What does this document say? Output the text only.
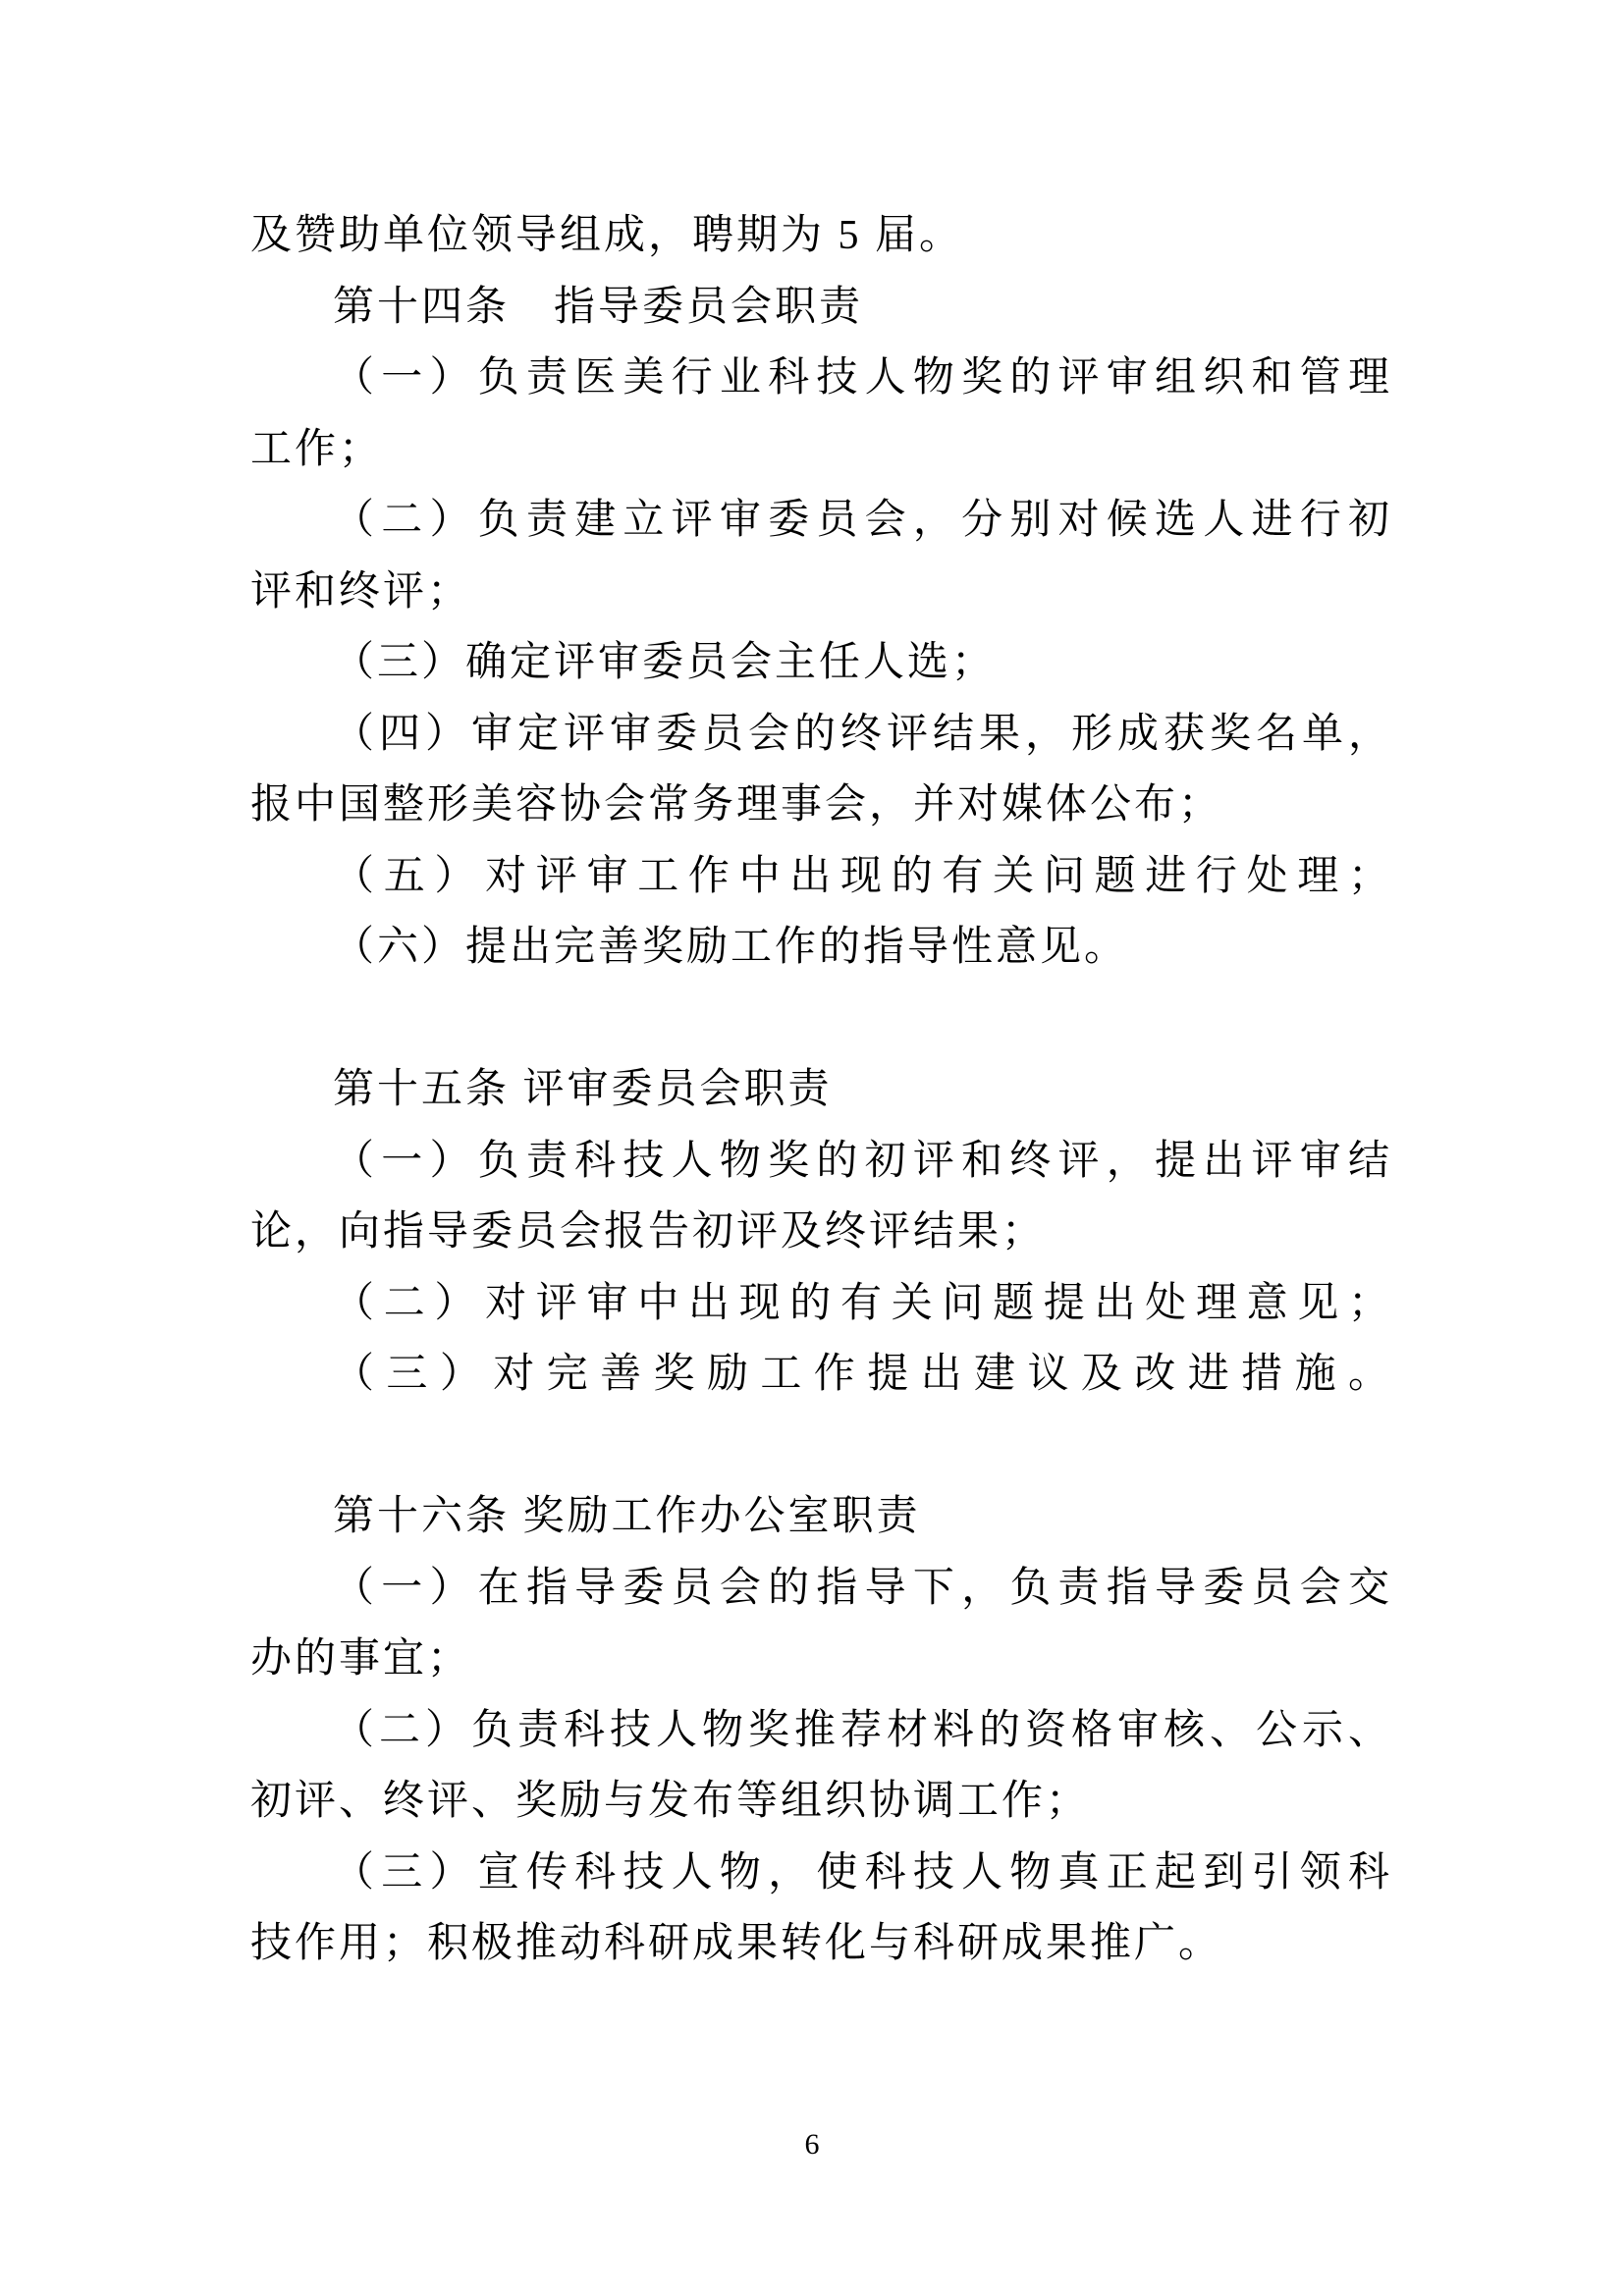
及赞助单位领导组成，聘期为 5 届。
第十四条　指导委员会职责
（一）负责医美行业科技人物奖的评审组织和管理
工作；
（二）负责建立评审委员会，分别对候选人进行初
评和终评；
（三）确定评审委员会主任人选；
（四）审定评审委员会的终评结果，形成获奖名单，
报中国整形美容协会常务理事会，并对媒体公布；
（五）对评审工作中出现的有关问题进行处理；
（六）提出完善奖励工作的指导性意见。
第十五条 评审委员会职责
（一）负责科技人物奖的初评和终评，提出评审结
论，向指导委员会报告初评及终评结果；
（二）对评审中出现的有关问题提出处理意见；
（三）对完善奖励工作提出建议及改进措施。
第十六条 奖励工作办公室职责
（一）在指导委员会的指导下，负责指导委员会交
办的事宜；
（二）负责科技人物奖推荐材料的资格审核、公示、
初评、终评、奖励与发布等组织协调工作；
（三）宣传科技人物，使科技人物真正起到引领科
技作用；积极推动科研成果转化与科研成果推广。
6
